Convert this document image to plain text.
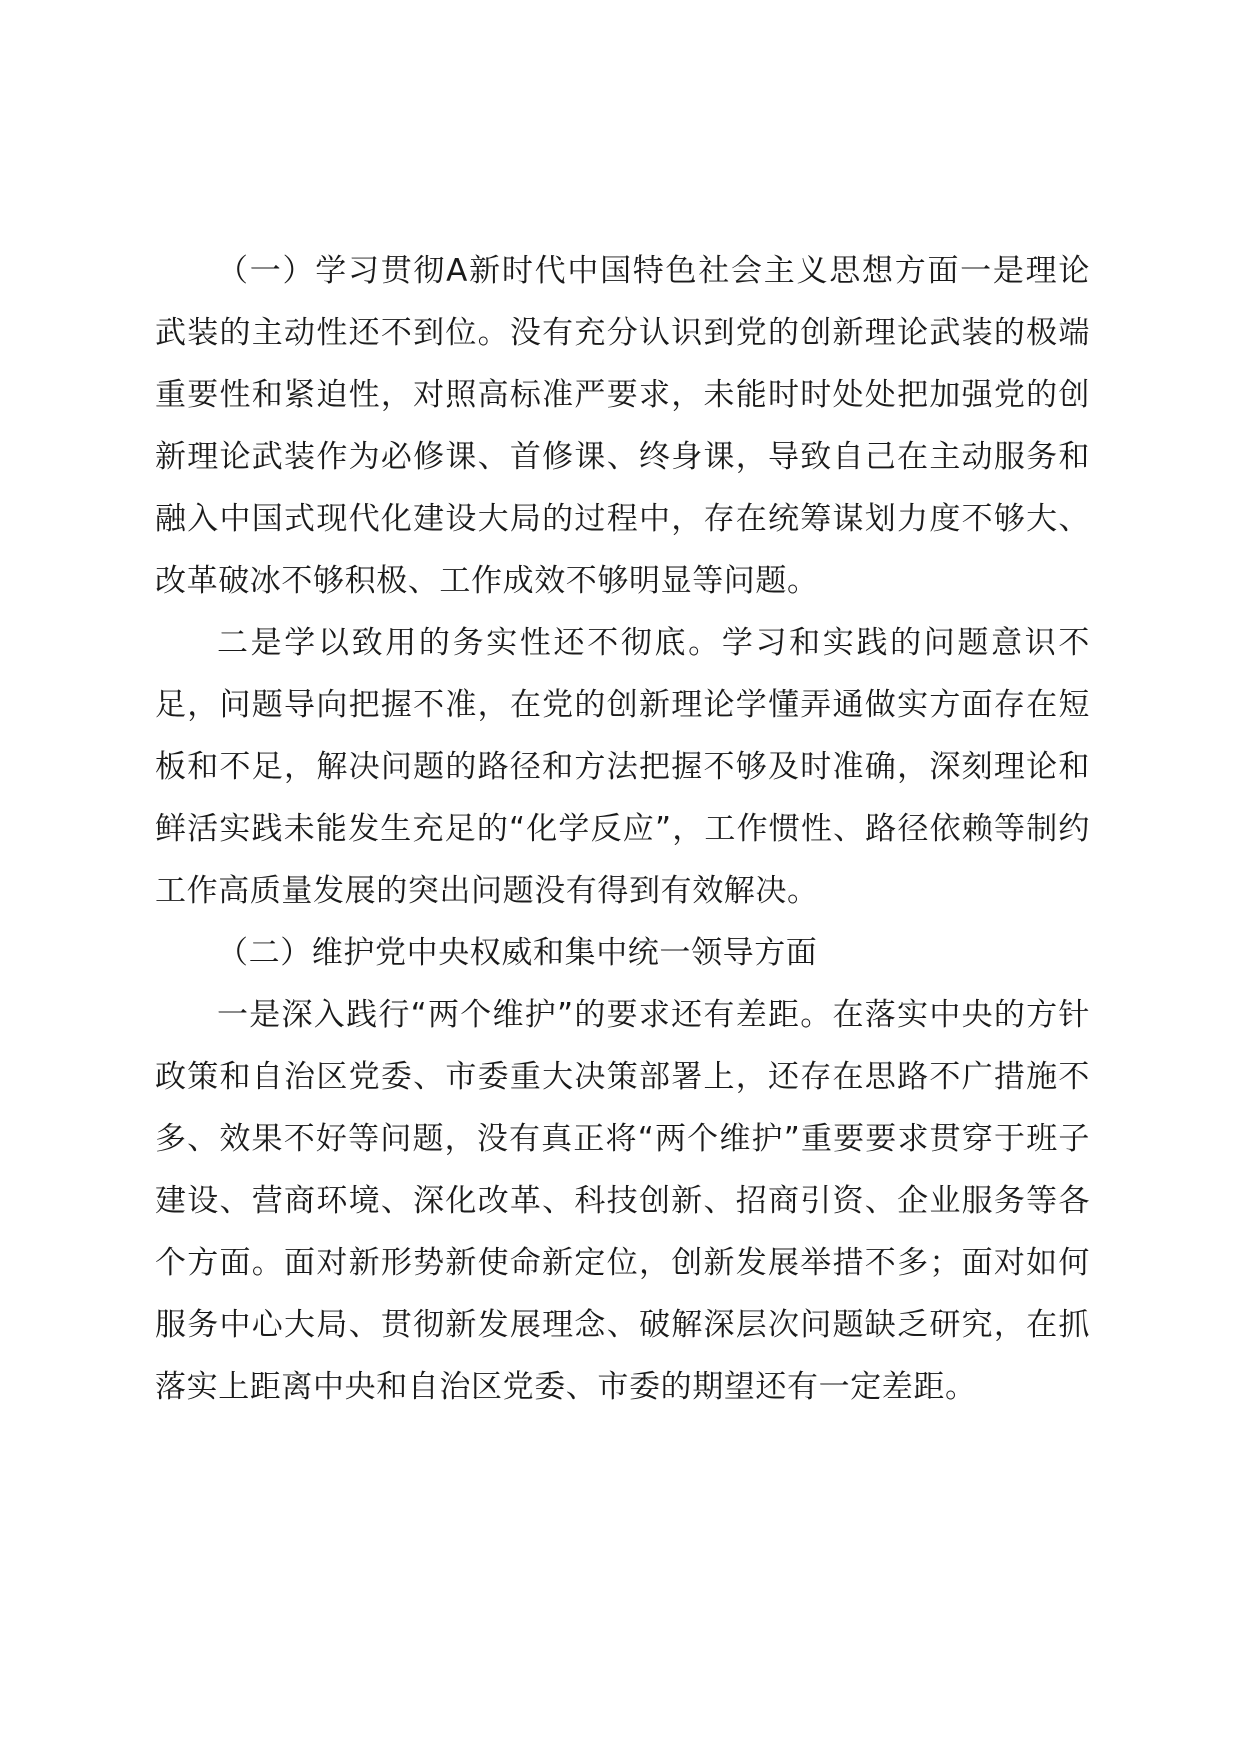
（一）学习贯彻A新时代中国特色社会主义思想方面一是理论武装的主动性还不到位。没有充分认识到党的创新理论武装的极端重要性和紧迫性，对照高标准严要求，未能时时处处把加强党的创新理论武装作为必修课、首修课、终身课，导致自己在主动服务和融入中国式现代化建设大局的过程中，存在统筹谋划力度不够大、改革破冰不够积极、工作成效不够明显等问题。

二是学以致用的务实性还不彻底。学习和实践的问题意识不足，问题导向把握不准，在党的创新理论学懂弄通做实方面存在短板和不足，解决问题的路径和方法把握不够及时准确，深刻理论和鲜活实践未能发生充足的“化学反应”，工作惯性、路径依赖等制约工作高质量发展的突出问题没有得到有效解决。

（二）维护党中央权威和集中统一领导方面

一是深入践行“两个维护”的要求还有差距。在落实中央的方针政策和自治区党委、市委重大决策部署上，还存在思路不广措施不多、效果不好等问题，没有真正将“两个维护”重要要求贯穿于班子建设、营商环境、深化改革、科技创新、招商引资、企业服务等各个方面。面对新形势新使命新定位，创新发展举措不多；面对如何服务中心大局、贯彻新发展理念、破解深层次问题缺乏研究，在抓落实上距离中央和自治区党委、市委的期望还有一定差距。
